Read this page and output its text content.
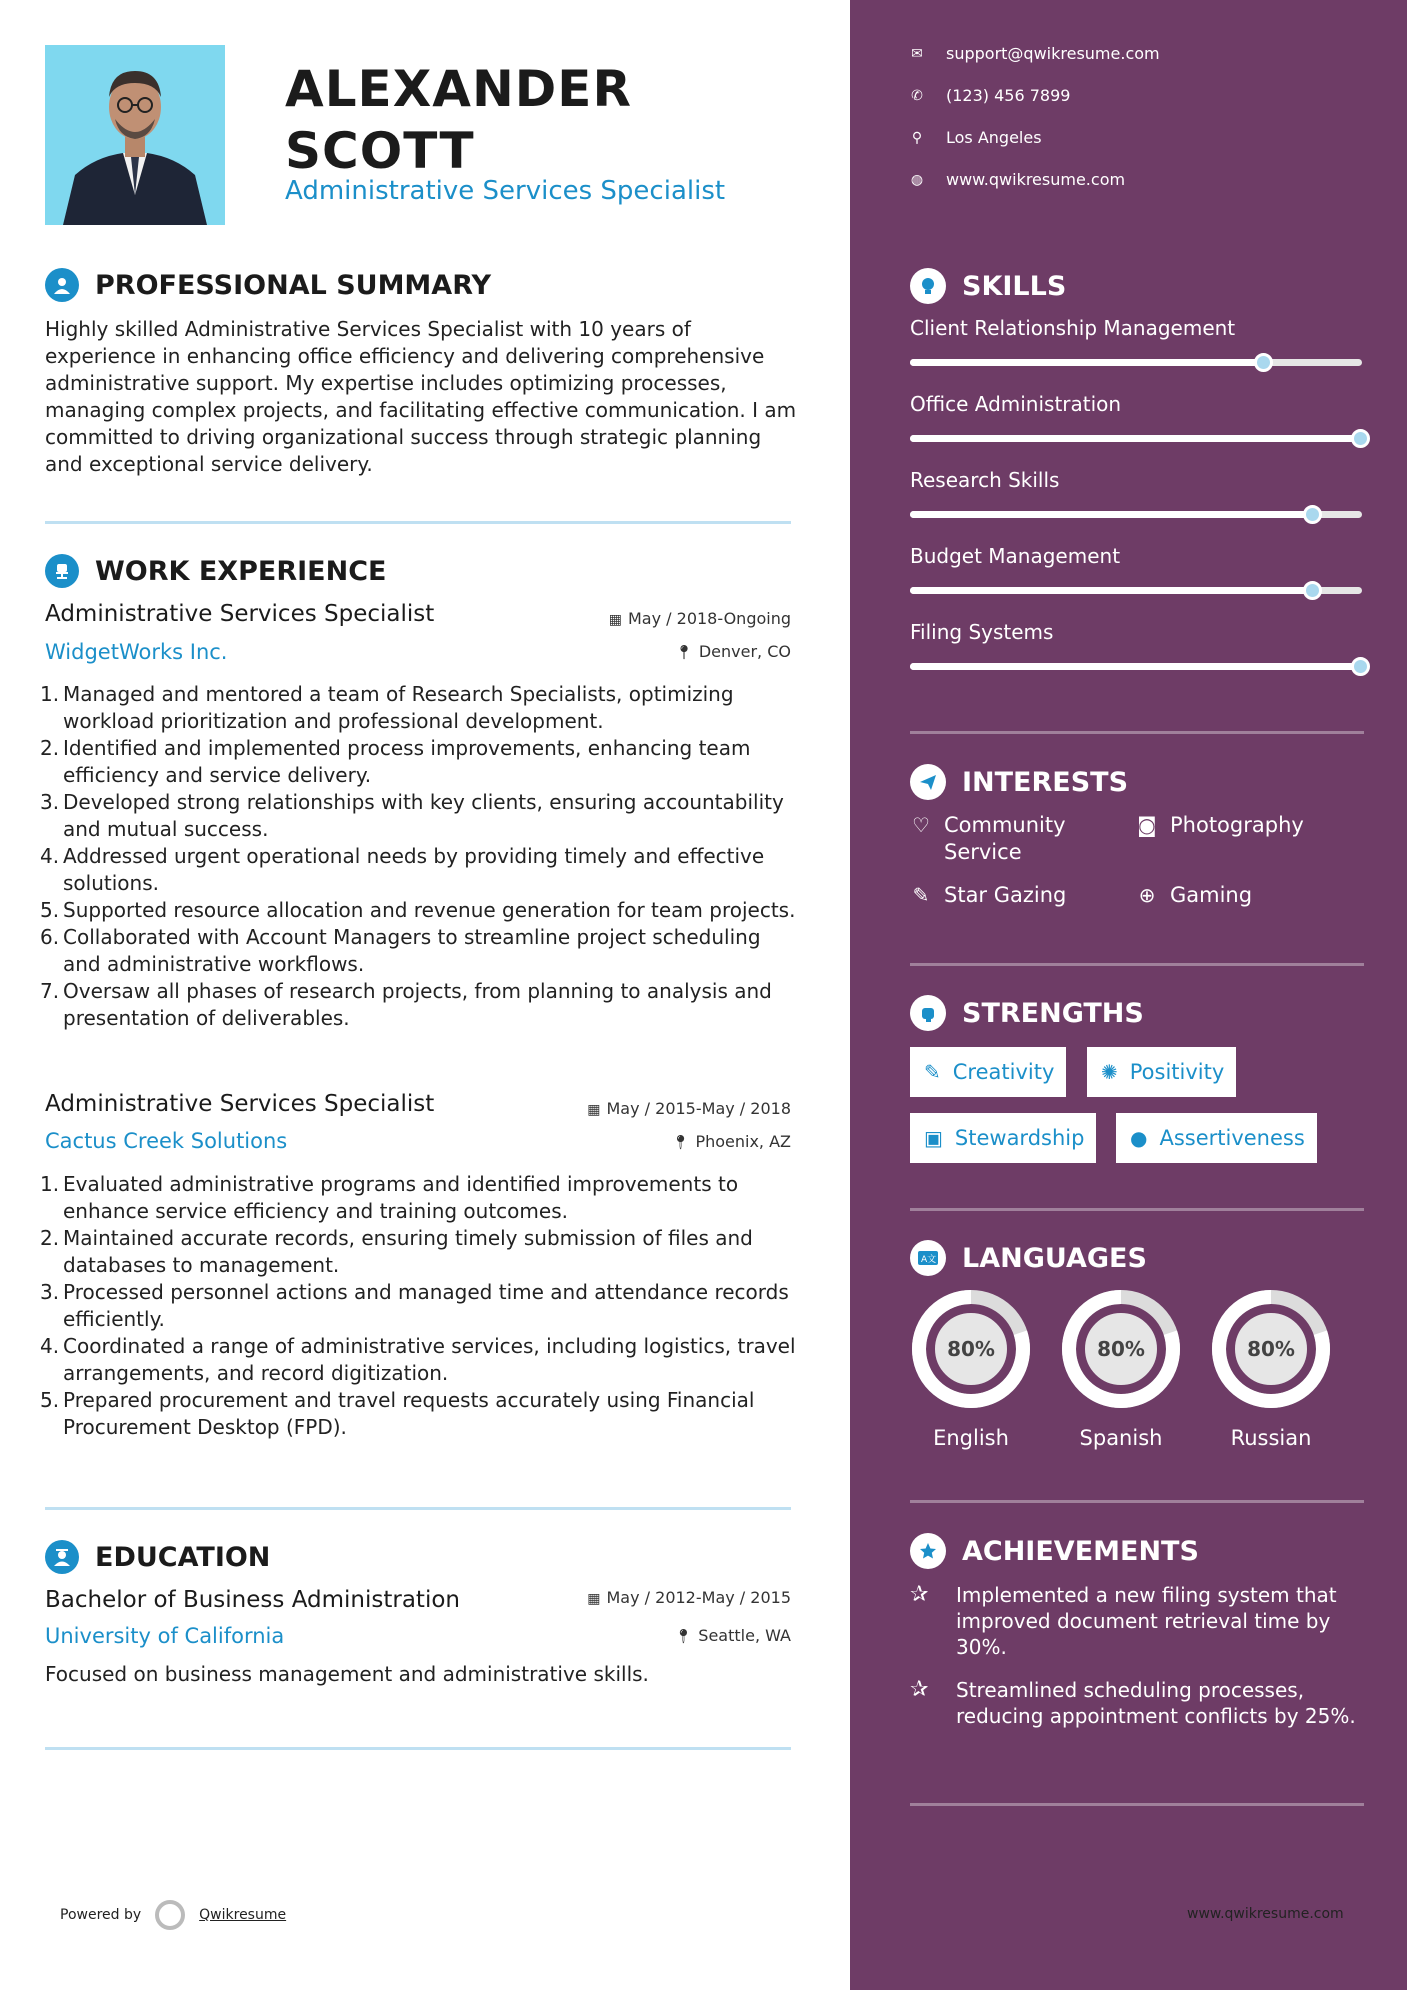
ALEXANDER
SCOTT
Administrative Services Specialist
PROFESSIONAL SUMMARY
Highly skilled Administrative Services Specialist with 10 years of experience in enhancing office efficiency and delivering comprehensive administrative support. My expertise includes optimizing processes, managing complex projects, and facilitating effective communication. I am committed to driving organizational success through strategic planning and exceptional service delivery.
WORK EXPERIENCE
Administrative Services Specialist	▦ May / 2018-Ongoing
WidgetWorks Inc.	📍︎ Denver, CO
1. Managed and mentored a team of Research Specialists, optimizing workload prioritization and professional development.
2. Identified and implemented process improvements, enhancing team efficiency and service delivery.
3. Developed strong relationships with key clients, ensuring accountability and mutual success.
4. Addressed urgent operational needs by providing timely and effective solutions.
5. Supported resource allocation and revenue generation for team projects.
6. Collaborated with Account Managers to streamline project scheduling and administrative workflows.
7. Oversaw all phases of research projects, from planning to analysis and presentation of deliverables.
Administrative Services Specialist	▦ May / 2015-May / 2018
Cactus Creek Solutions	📍︎ Phoenix, AZ
1. Evaluated administrative programs and identified improvements to enhance service efficiency and training outcomes.
2. Maintained accurate records, ensuring timely submission of files and databases to management.
3. Processed personnel actions and managed time and attendance records efficiently.
4. Coordinated a range of administrative services, including logistics, travel arrangements, and record digitization.
5. Prepared procurement and travel requests accurately using Financial Procurement Desktop (FPD).
EDUCATION
Bachelor of Business Administration	▦ May / 2012-May / 2015
University of California	📍︎ Seattle, WA
Focused on business management and administrative skills.
Powered by	Qwikresume
✉ support@qwikresume.com
✆ (123) 456 7899
⚲ Los Angeles
◍ www.qwikresume.com
SKILLS
Client Relationship Management
Office Administration
Research Skills
Budget Management
Filing Systems
INTERESTS
♡ Community Service
◙ Photography
✎ Star Gazing	⊕ Gaming
STRENGTHS
✎ Creativity ✺ Positivity
▣ Stewardship ● Assertiveness
A文 LANGUAGES
80%
English
80%
Spanish
80%
Russian
ACHIEVEMENTS
✰	Implemented a new filing system that improved document retrieval time by 30%.
✰	Streamlined scheduling processes, reducing appointment conflicts by 25%.
www.qwikresume.com
